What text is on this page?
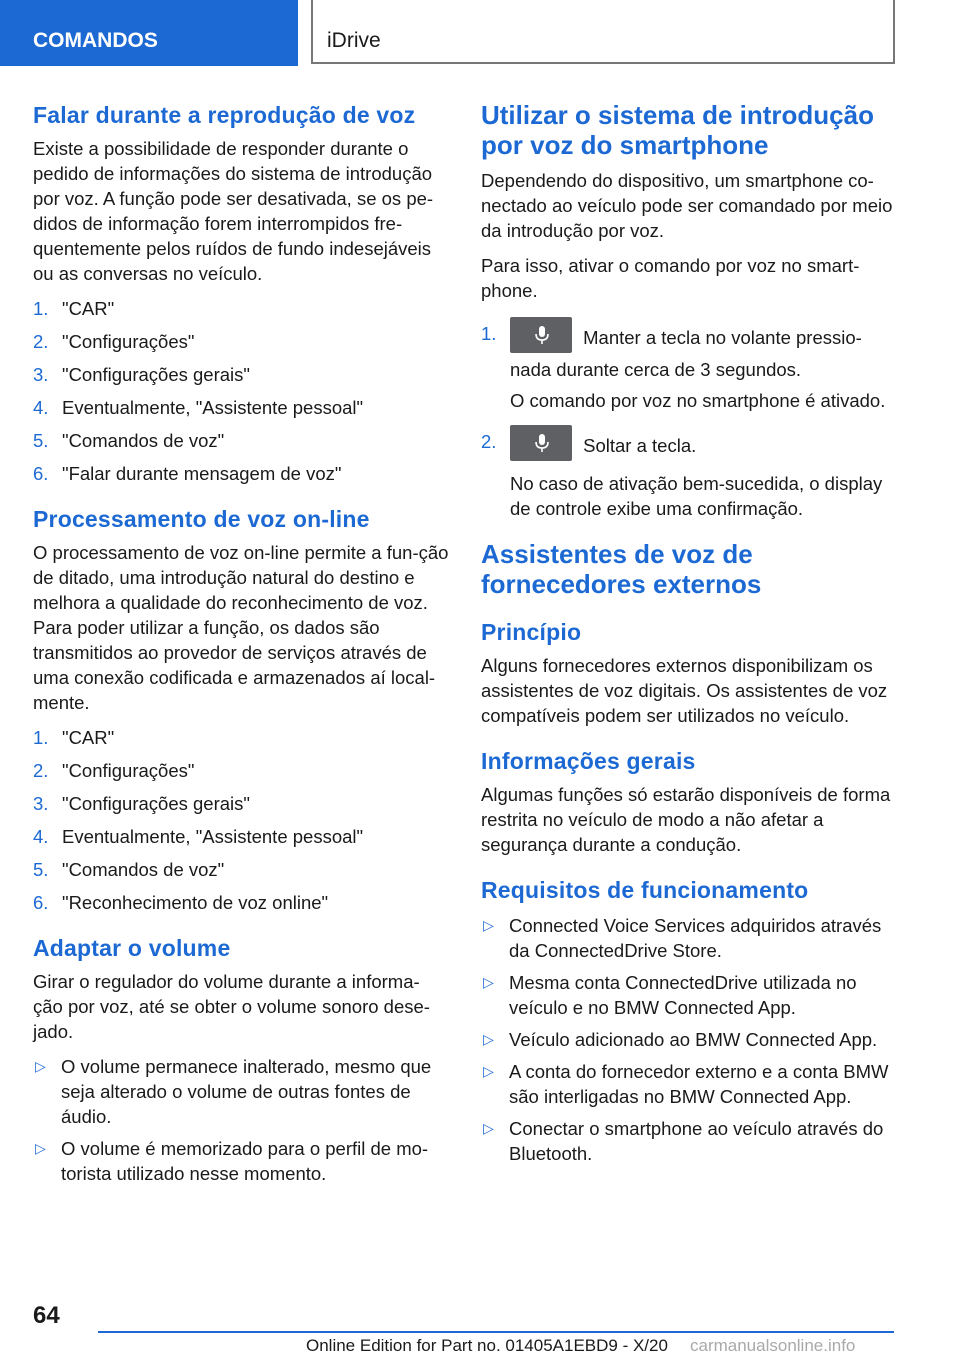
COMANDOS	iDrive
Falar durante a reprodução de voz

Existe a possibilidade de responder durante o pedido de informações do sistema de introdução por voz. A função pode ser desativada, se os pe-didos de informação forem interrompidos fre-quentemente pelos ruídos de fundo indesejáveis ou as conversas no veículo.

1. "CAR"
2. "Configurações"
3. "Configurações gerais"
4. Eventualmente, "Assistente pessoal"
5. "Comandos de voz"
6. "Falar durante mensagem de voz"
Processamento de voz on-line

O processamento de voz on-line permite a fun-ção de ditado, uma introdução natural do destino e melhora a qualidade do reconhecimento de voz. Para poder utilizar a função, os dados são transmitidos ao provedor de serviços através de uma conexão codificada e armazenados aí local-mente.

1. "CAR"
2. "Configurações"
3. "Configurações gerais"
4. Eventualmente, "Assistente pessoal"
5. "Comandos de voz"
6. "Reconhecimento de voz online"
Adaptar o volume

Girar o regulador do volume durante a informa-ção por voz, até se obter o volume sonoro dese-jado.

▷ O volume permanece inalterado, mesmo que seja alterado o volume de outras fontes de áudio.
▷ O volume é memorizado para o perfil de mo-torista utilizado nesse momento.
Utilizar o sistema de introdução por voz do smartphone

Dependendo do dispositivo, um smartphone co-nectado ao veículo pode ser comandado por meio da introdução por voz.

Para isso, ativar o comando por voz no smart-phone.

1.	Manter a tecla no volante pressio-nada durante cerca de 3 segundos.
O comando por voz no smartphone é ativado.
2.	Soltar a tecla.
No caso de ativação bem-sucedida, o display de controle exibe uma confirmação.
Assistentes de voz de fornecedores externos
Princípio

Alguns fornecedores externos disponibilizam os assistentes de voz digitais. Os assistentes de voz compatíveis podem ser utilizados no veículo.

Informações gerais

Algumas funções só estarão disponíveis de forma restrita no veículo de modo a não afetar a segurança durante a condução.

Requisitos de funcionamento
▷ Connected Voice Services adquiridos através da ConnectedDrive Store.
▷ Mesma conta ConnectedDrive utilizada no veículo e no BMW Connected App.
▷ Veículo adicionado ao BMW Connected App.
▷ A conta do fornecedor externo e a conta BMW são interligadas no BMW Connected App.
▷ Conectar o smartphone ao veículo através do Bluetooth.
64
Online Edition for Part no. 01405A1EBD9 - X/20 carmanualsonline.info
